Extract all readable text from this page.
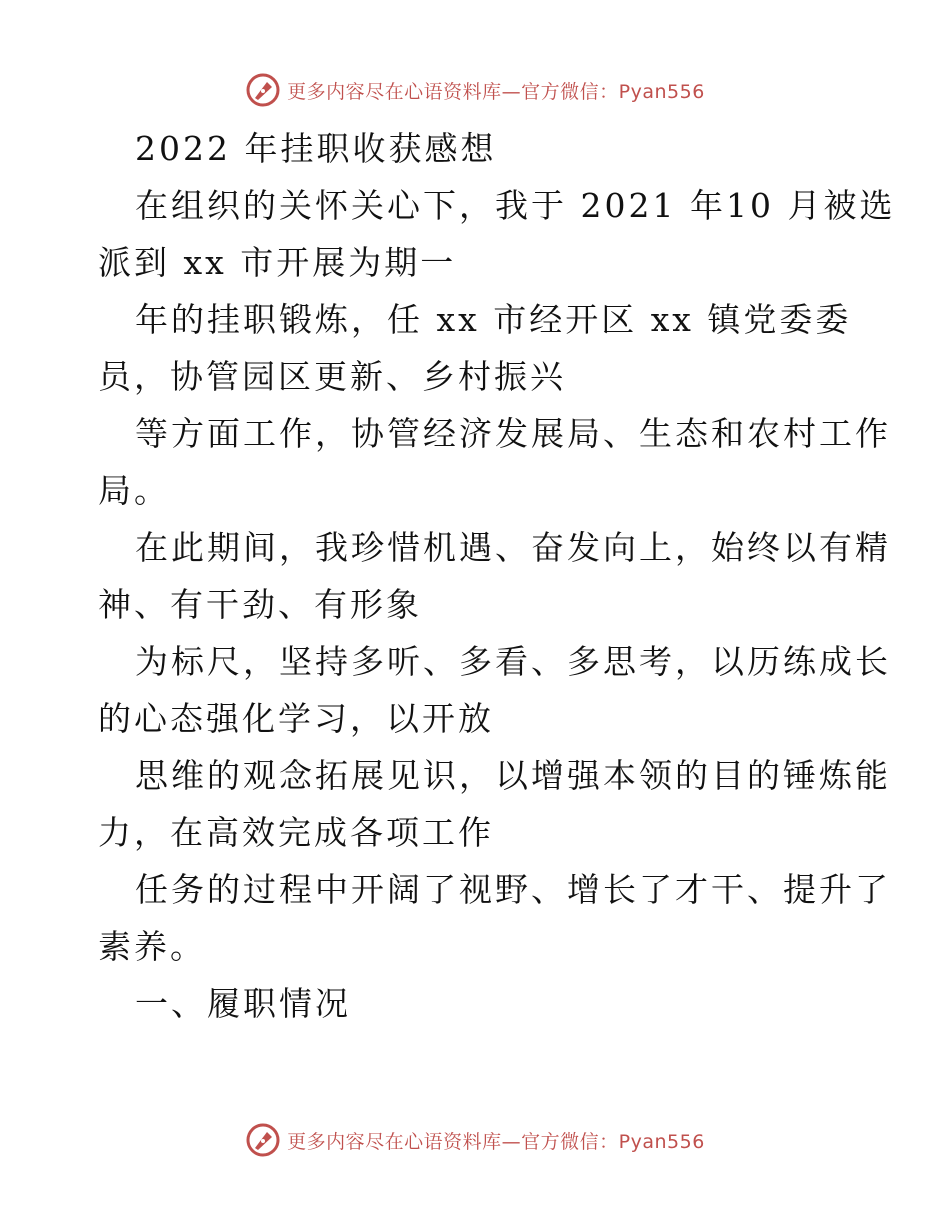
更多内容尽在心语资料库—官方微信：Pyan556
2022 年挂职收获感想
在组织的关怀关心下，我于 2021 年10 月被选
派到 xx 市开展为期一
年的挂职锻炼，任 xx 市经开区 xx 镇党委委
员，协管园区更新、乡村振兴
等方面工作，协管经济发展局、生态和农村工作
局。
在此期间，我珍惜机遇、奋发向上，始终以有精
神、有干劲、有形象
为标尺，坚持多听、多看、多思考，以历练成长
的心态强化学习，以开放
思维的观念拓展见识，以增强本领的目的锤炼能
力，在高效完成各项工作
任务的过程中开阔了视野、增长了才干、提升了
素养。
一、履职情况
更多内容尽在心语资料库—官方微信：Pyan556
